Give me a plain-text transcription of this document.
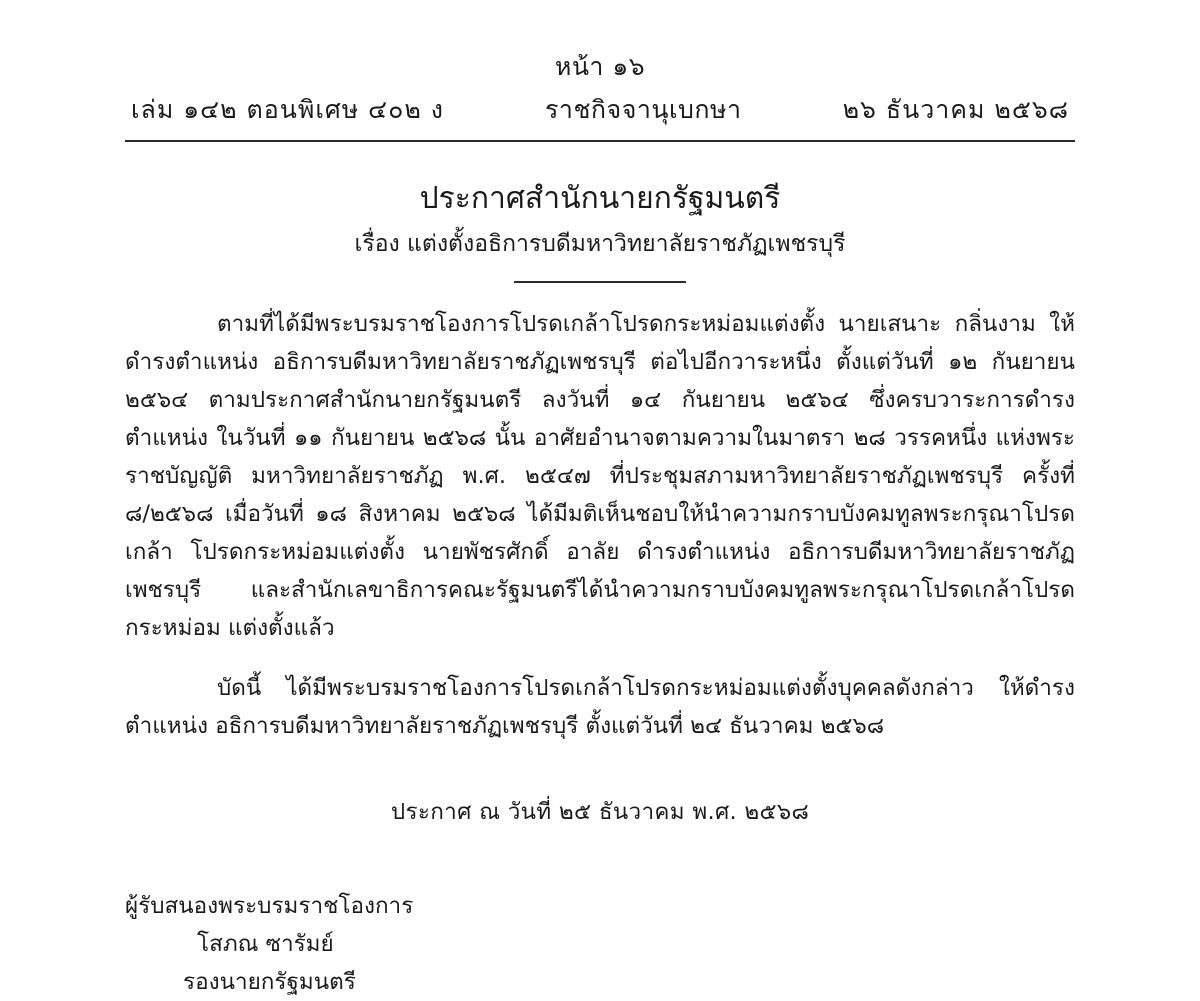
หน้า ๑๖
เล่ม ๑๔๒ ตอนพิเศษ ๔๐๒ ง	ราชกิจจานุเบกษา	๒๖ ธันวาคม ๒๕๖๘
ประกาศสำนักนายกรัฐมนตรี
เรื่อง แต่งตั้งอธิการบดีมหาวิทยาลัยราชภัฏเพชรบุรี
ตามที่ได้มีพระบรมราชโองการโปรดเกล้าโปรดกระหม่อมแต่งตั้ง นายเสนาะ กลิ่นงาม ให้ดำรงตำแหน่ง อธิการบดีมหาวิทยาลัยราชภัฏเพชรบุรี ต่อไปอีกวาระหนึ่ง ตั้งแต่วันที่ ๑๒ กันยายน ๒๕๖๔ ตามประกาศสำนักนายกรัฐมนตรี ลงวันที่ ๑๔ กันยายน ๒๕๖๔ ซึ่งครบวาระการดำรงตำแหน่ง ในวันที่ ๑๑ กันยายน ๒๕๖๘ นั้น อาศัยอำนาจตามความในมาตรา ๒๘ วรรคหนึ่ง แห่งพระราชบัญญัติ มหาวิทยาลัยราชภัฏ พ.ศ. ๒๕๔๗ ที่ประชุมสภามหาวิทยาลัยราชภัฏเพชรบุรี ครั้งที่ ๘/๒๕๖๘ เมื่อวันที่ ๑๘ สิงหาคม ๒๕๖๘ ได้มีมติเห็นชอบให้นำความกราบบังคมทูลพระกรุณาโปรดเกล้า โปรดกระหม่อมแต่งตั้ง นายพัชรศักดิ์ อาลัย ดำรงตำแหน่ง อธิการบดีมหาวิทยาลัยราชภัฏเพชรบุรี และสำนักเลขาธิการคณะรัฐมนตรีได้นำความกราบบังคมทูลพระกรุณาโปรดเกล้าโปรดกระหม่อม แต่งตั้งแล้ว
บัดนี้ ได้มีพระบรมราชโองการโปรดเกล้าโปรดกระหม่อมแต่งตั้งบุคคลดังกล่าว ให้ดำรงตำแหน่ง อธิการบดีมหาวิทยาลัยราชภัฏเพชรบุรี ตั้งแต่วันที่ ๒๔ ธันวาคม ๒๕๖๘
ประกาศ ณ วันที่ ๒๕ ธันวาคม พ.ศ. ๒๕๖๘
ผู้รับสนองพระบรมราชโองการ
โสภณ ซารัมย์
รองนายกรัฐมนตรี
